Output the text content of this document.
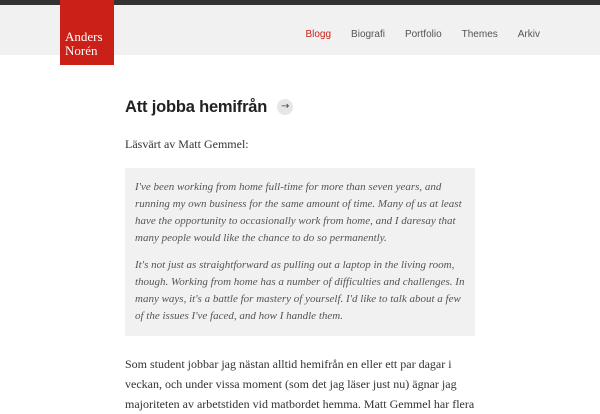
Blogg Biografi Portfolio Themes Arkiv
Anders
Norén
Att jobba hemifrån	→

Läsvärt av Matt Gemmel:

I've been working from home full-time for more than seven years, and running my own business for the same amount of time. Many of us at least have the opportunity to occasionally work from home, and I daresay that many people would like the chance to do so permanently.

It's not just as straightforward as pulling out a laptop in the living room, though. Working from home has a number of difficulties and challenges. In many ways, it's a battle for mastery of yourself. I'd like to talk about a few of the issues I've faced, and how I handle them.

Som student jobbar jag nästan alltid hemifrån en eller ett par dagar i veckan, och under vissa moment (som det jag läser just nu) ägnar jag majoriteten av arbetstiden vid matbordet hemma. Matt Gemmel har flera
